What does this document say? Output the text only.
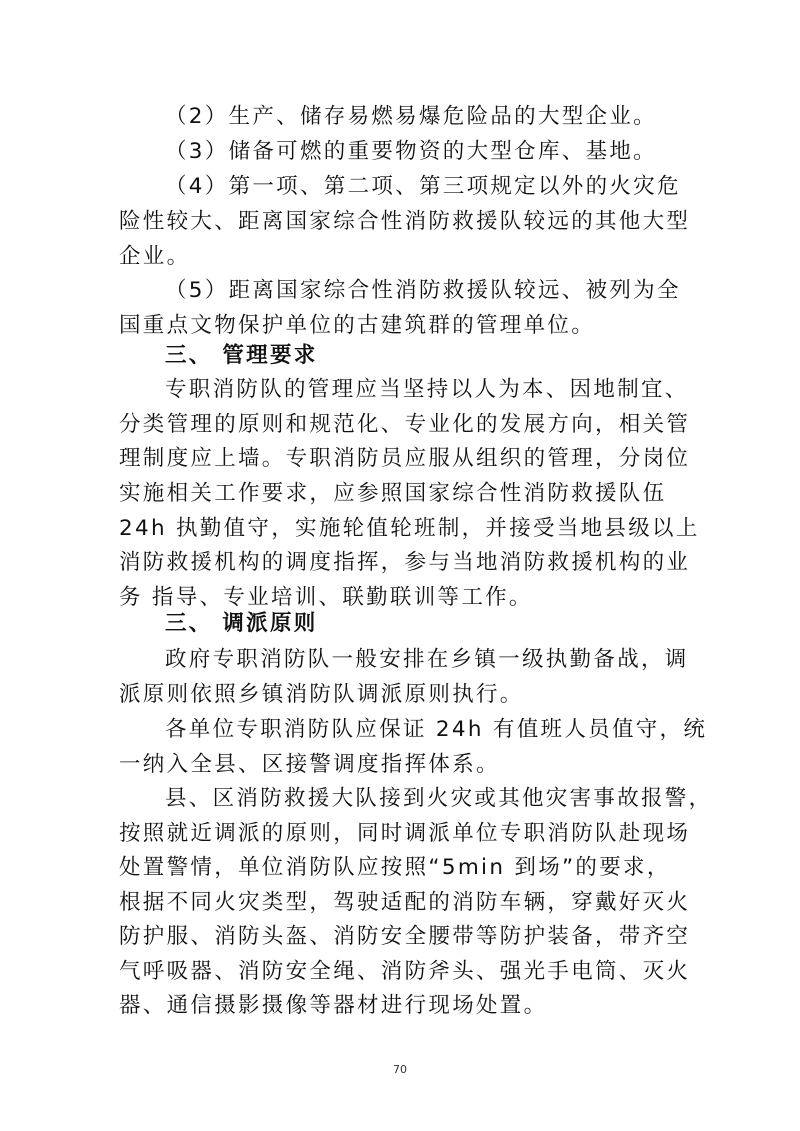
（2）生产、储存易燃易爆危险品的大型企业。
（3）储备可燃的重要物资的大型仓库、基地。
（4）第一项、第二项、第三项规定以外的火灾危
险性较大、距离国家综合性消防救援队较远的其他大型
企业。
（5）距离国家综合性消防救援队较远、被列为全
国重点文物保护单位的古建筑群的管理单位。
三、 管理要求
专职消防队的管理应当坚持以人为本、因地制宜、
分类管理的原则和规范化、专业化的发展方向，相关管
理制度应上墙。专职消防员应服从组织的管理，分岗位
实施相关工作要求，应参照国家综合性消防救援队伍
24h 执勤值守，实施轮值轮班制，并接受当地县级以上
消防救援机构的调度指挥，参与当地消防救援机构的业
务 指导、专业培训、联勤联训等工作。
三、 调派原则
政府专职消防队一般安排在乡镇一级执勤备战，调
派原则依照乡镇消防队调派原则执行。
各单位专职消防队应保证 24h 有值班人员值守，统
一纳入全县、区接警调度指挥体系。
县、区消防救援大队接到火灾或其他灾害事故报警，
按照就近调派的原则，同时调派单位专职消防队赴现场
处置警情，单位消防队应按照“5min 到场”的要求，
根据不同火灾类型，驾驶适配的消防车辆，穿戴好灭火
防护服、消防头盔、消防安全腰带等防护装备，带齐空
气呼吸器、消防安全绳、消防斧头、强光手电筒、灭火
器、通信摄影摄像等器材进行现场处置。
70
